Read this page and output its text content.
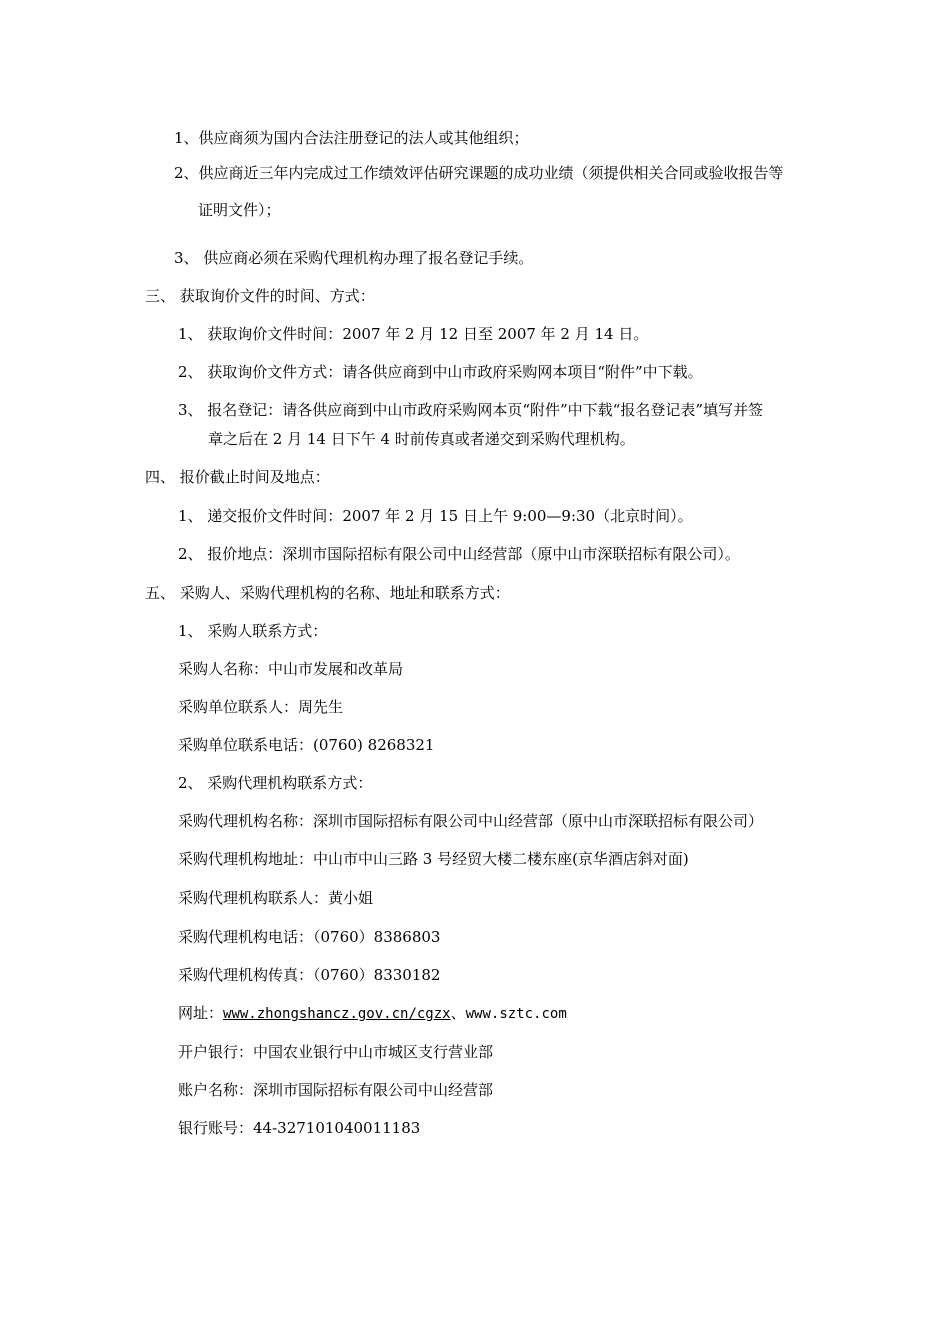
1、供应商须为国内合法注册登记的法人或其他组织；
2、供应商近三年内完成过工作绩效评估研究课题的成功业绩（须提供相关合同或验收报告等
证明文件）；
3、 供应商必须在采购代理机构办理了报名登记手续。
三、 获取询价文件的时间、方式：
1、 获取询价文件时间：2007 年 2 月 12 日至 2007 年 2 月 14 日。
2、 获取询价文件方式：请各供应商到中山市政府采购网本项目“附件”中下载。
3、 报名登记：请各供应商到中山市政府采购网本页“附件”中下载“报名登记表”填写并签
章之后在 2 月 14 日下午 4 时前传真或者递交到采购代理机构。
四、 报价截止时间及地点：
1、 递交报价文件时间：2007 年 2 月 15 日上午 9:00—9:30（北京时间）。
2、 报价地点：深圳市国际招标有限公司中山经营部（原中山市深联招标有限公司）。
五、 采购人、采购代理机构的名称、地址和联系方式：
1、 采购人联系方式：
采购人名称：中山市发展和改革局
采购单位联系人：周先生
采购单位联系电话：(0760) 8268321
2、 采购代理机构联系方式：
采购代理机构名称：深圳市国际招标有限公司中山经营部（原中山市深联招标有限公司）
采购代理机构地址：中山市中山三路 3 号经贸大楼二楼东座(京华酒店斜对面)
采购代理机构联系人：黄小姐
采购代理机构电话：（0760）8386803
采购代理机构传真：（0760）8330182
网址：www.zhongshancz.gov.cn/cgzx、www.sztc.com
开户银行：中国农业银行中山市城区支行营业部
账户名称：深圳市国际招标有限公司中山经营部
银行账号：44-327101040011183
